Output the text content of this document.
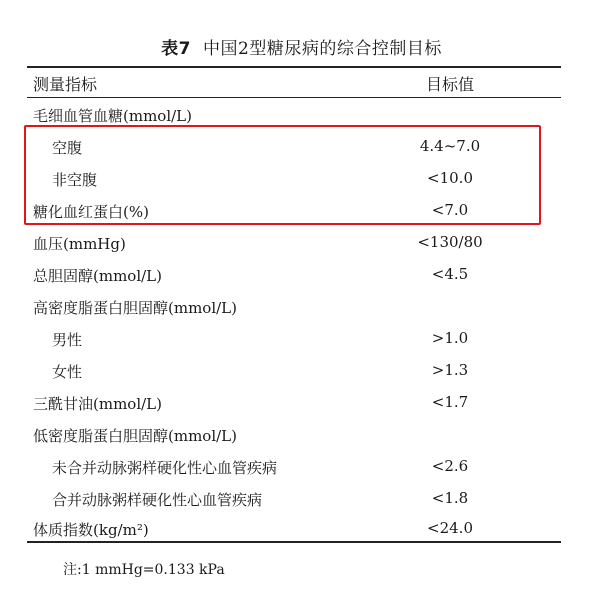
表7 中国2型糖尿病的综合控制目标
测量指标	目标值
毛细血管血糖(mmol/L)
空腹	4.4~7.0
非空腹	<10.0
糖化血红蛋白(%)	<7.0
血压(mmHg)	<130/80
总胆固醇(mmol/L)	<4.5
高密度脂蛋白胆固醇(mmol/L)
男性	>1.0
女性	>1.3
三酰甘油(mmol/L)	<1.7
低密度脂蛋白胆固醇(mmol/L)
未合并动脉粥样硬化性心血管疾病	<2.6
合并动脉粥样硬化性心血管疾病	<1.8
体质指数(kg/m²)	<24.0
注:1 mmHg=0.133 kPa
